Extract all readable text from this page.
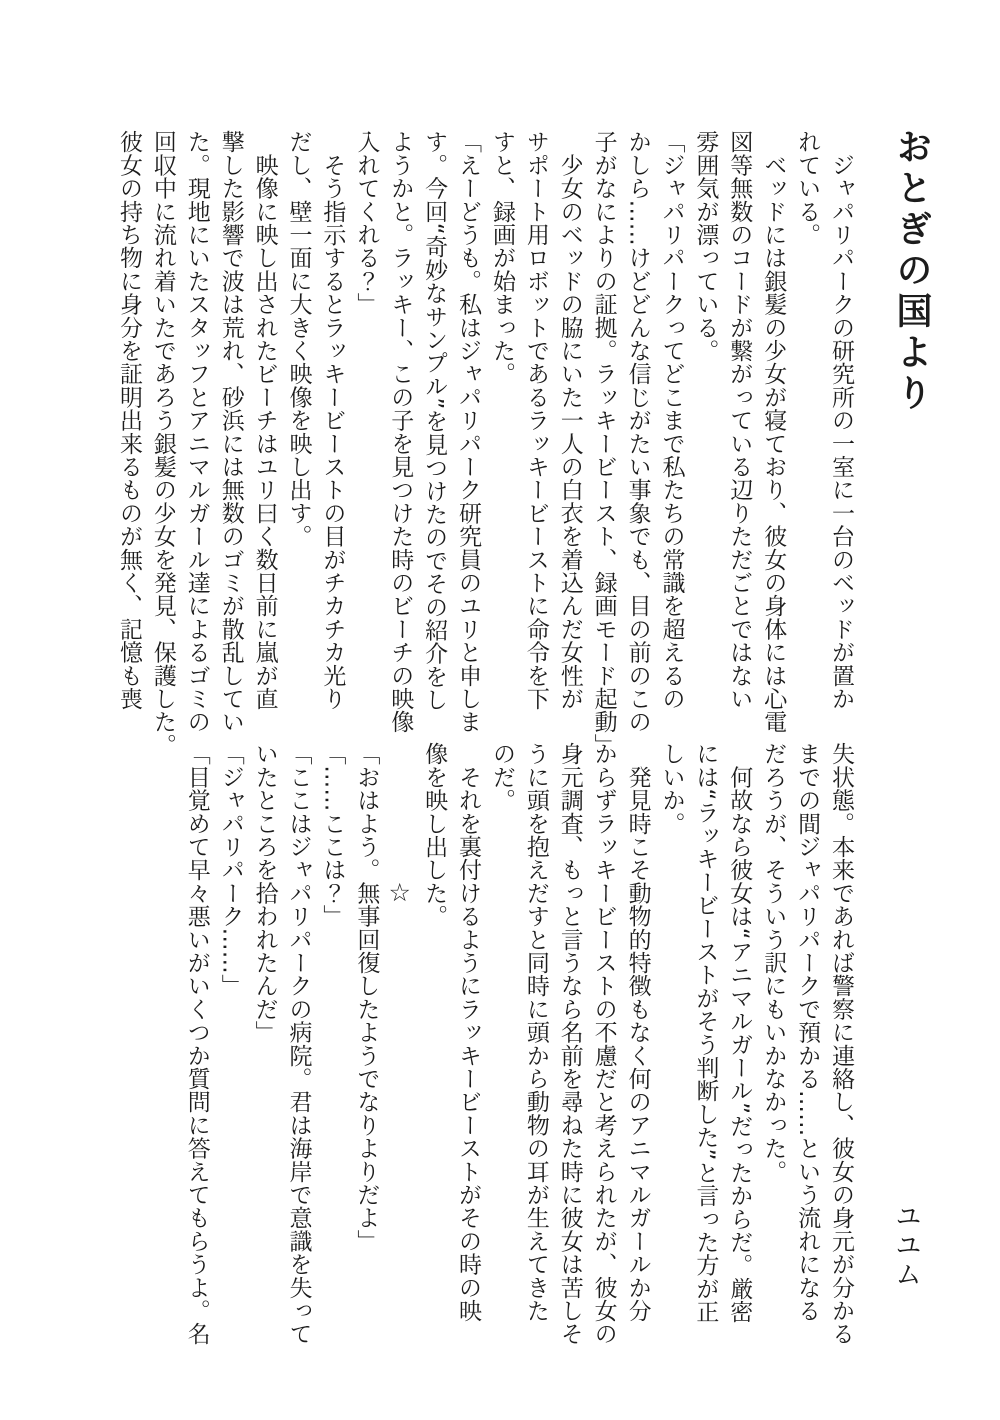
おとぎの国より
ユユム
　ジャパリパークの研究所の一室に一台のベッドが置か
れている。
　ベッドには銀髪の少女が寝ており、彼女の身体には心電
図等無数のコードが繋がっている辺りただごとではない
雰囲気が漂っている。
「ジャパリパークってどこまで私たちの常識を超えるの
かしら……けどどんな信じがたい事象でも、目の前のこの
子がなによりの証拠。ラッキービースト、録画モード起動」
　少女のベッドの脇にいた一人の白衣を着込んだ女性が
サポート用ロボットであるラッキービーストに命令を下
すと、録画が始まった。
「えーどうも。私はジャパリパーク研究員のユリと申しま
す。今回“奇妙なサンプル”を見つけたのでその紹介をし
ようかと。ラッキー、この子を見つけた時のビーチの映像
入れてくれる？」
　そう指示するとラッキービーストの目がチカチカ光り
だし、壁一面に大きく映像を映し出す。
　映像に映し出されたビーチはユリ曰く数日前に嵐が直
撃した影響で波は荒れ、砂浜には無数のゴミが散乱してい
た。現地にいたスタッフとアニマルガール達によるゴミの
回収中に流れ着いたであろう銀髪の少女を発見、保護した。
彼女の持ち物に身分を証明出来るものが無く、記憶も喪
失状態。本来であれば警察に連絡し、彼女の身元が分かる
までの間ジャパリパークで預かる……という流れになる
だろうが、そういう訳にもいかなかった。
　何故なら彼女は“アニマルガール”だったからだ。厳密
には“ラッキービーストがそう判断した”と言った方が正
しいか。
　発見時こそ動物的特徴もなく何のアニマルガールか分
からずラッキービーストの不慮だと考えられたが、彼女の
身元調査、もっと言うなら名前を尋ねた時に彼女は苦しそ
うに頭を抱えだすと同時に頭から動物の耳が生えてきた
のだ。
　それを裏付けるようにラッキービーストがその時の映
像を映し出した。
☆
「おはよう。無事回復したようでなりよりだよ」
「……ここは？」
「ここはジャパリパークの病院。君は海岸で意識を失って
いたところを拾われたんだ」
「ジャパリパーク……」
「目覚めて早々悪いがいくつか質問に答えてもらうよ。名
